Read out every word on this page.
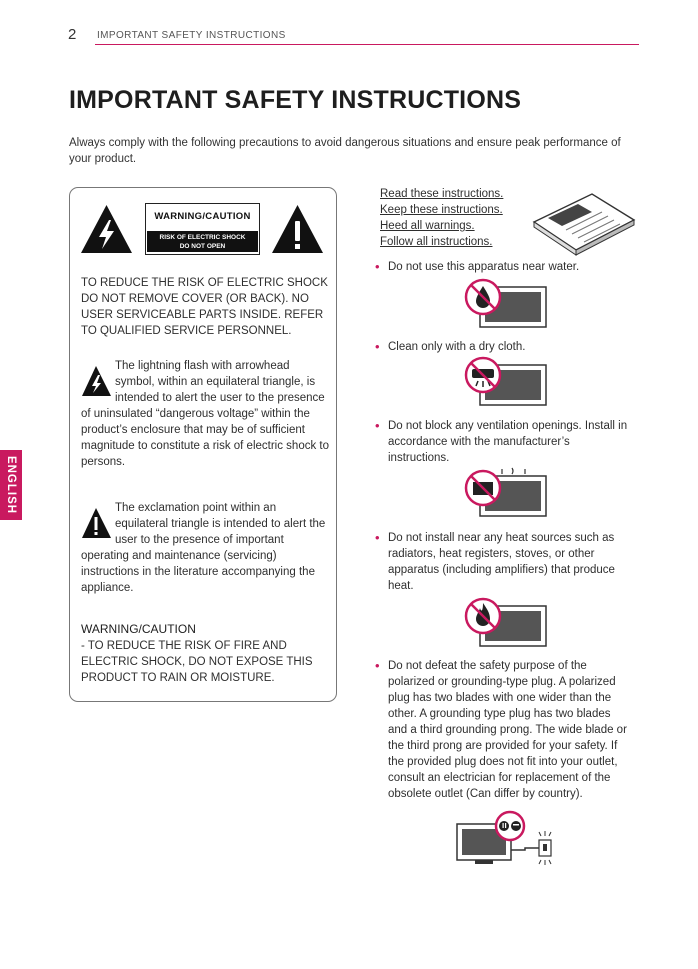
2 IMPORTANT SAFETY INSTRUCTIONS
IMPORTANT SAFETY INSTRUCTIONS
Always comply with the following precautions to avoid dangerous situations and ensure peak performance of your product.
ENGLISH
WARNING/CAUTION
RISK OF ELECTRIC SHOCK
DO NOT OPEN
TO REDUCE THE RISK OF ELECTRIC SHOCK DO NOT REMOVE COVER (OR BACK). NO USER SERVICEABLE PARTS INSIDE. REFER TO QUALIFIED SERVICE PERSONNEL.
The lightning flash with arrowhead symbol, within an equilateral triangle, is intended to alert the user to the presence of uninsulated “dangerous voltage” within the product’s enclosure that may be of sufficient magnitude to constitute a risk of electric shock to persons.
The exclamation point within an equilateral triangle is intended to alert the user to the presence of important operating and maintenance (servicing) instructions in the literature accompanying the appliance.
WARNING/CAUTION
- TO REDUCE THE RISK OF FIRE AND ELECTRIC SHOCK, DO NOT EXPOSE THIS PRODUCT TO RAIN OR MOISTURE.
Read these instructions.
Keep these instructions.
Heed all warnings.
Follow all instructions.
• Do not use this apparatus near water.
• Clean only with a dry cloth.
• Do not block any ventilation openings. Install in accordance with the manufacturer’s instructions.
• Do not install near any heat sources such as radiators, heat registers, stoves, or other apparatus (including amplifiers) that produce heat.
• Do not defeat the safety purpose of the polarized or grounding-type plug. A polarized plug has two blades with one wider than the other. A grounding type plug has two blades and a third grounding prong. The wide blade or the third prong are provided for your safety. If the provided plug does not fit into your outlet, consult an electrician for replacement of the obsolete outlet (Can differ by country).
